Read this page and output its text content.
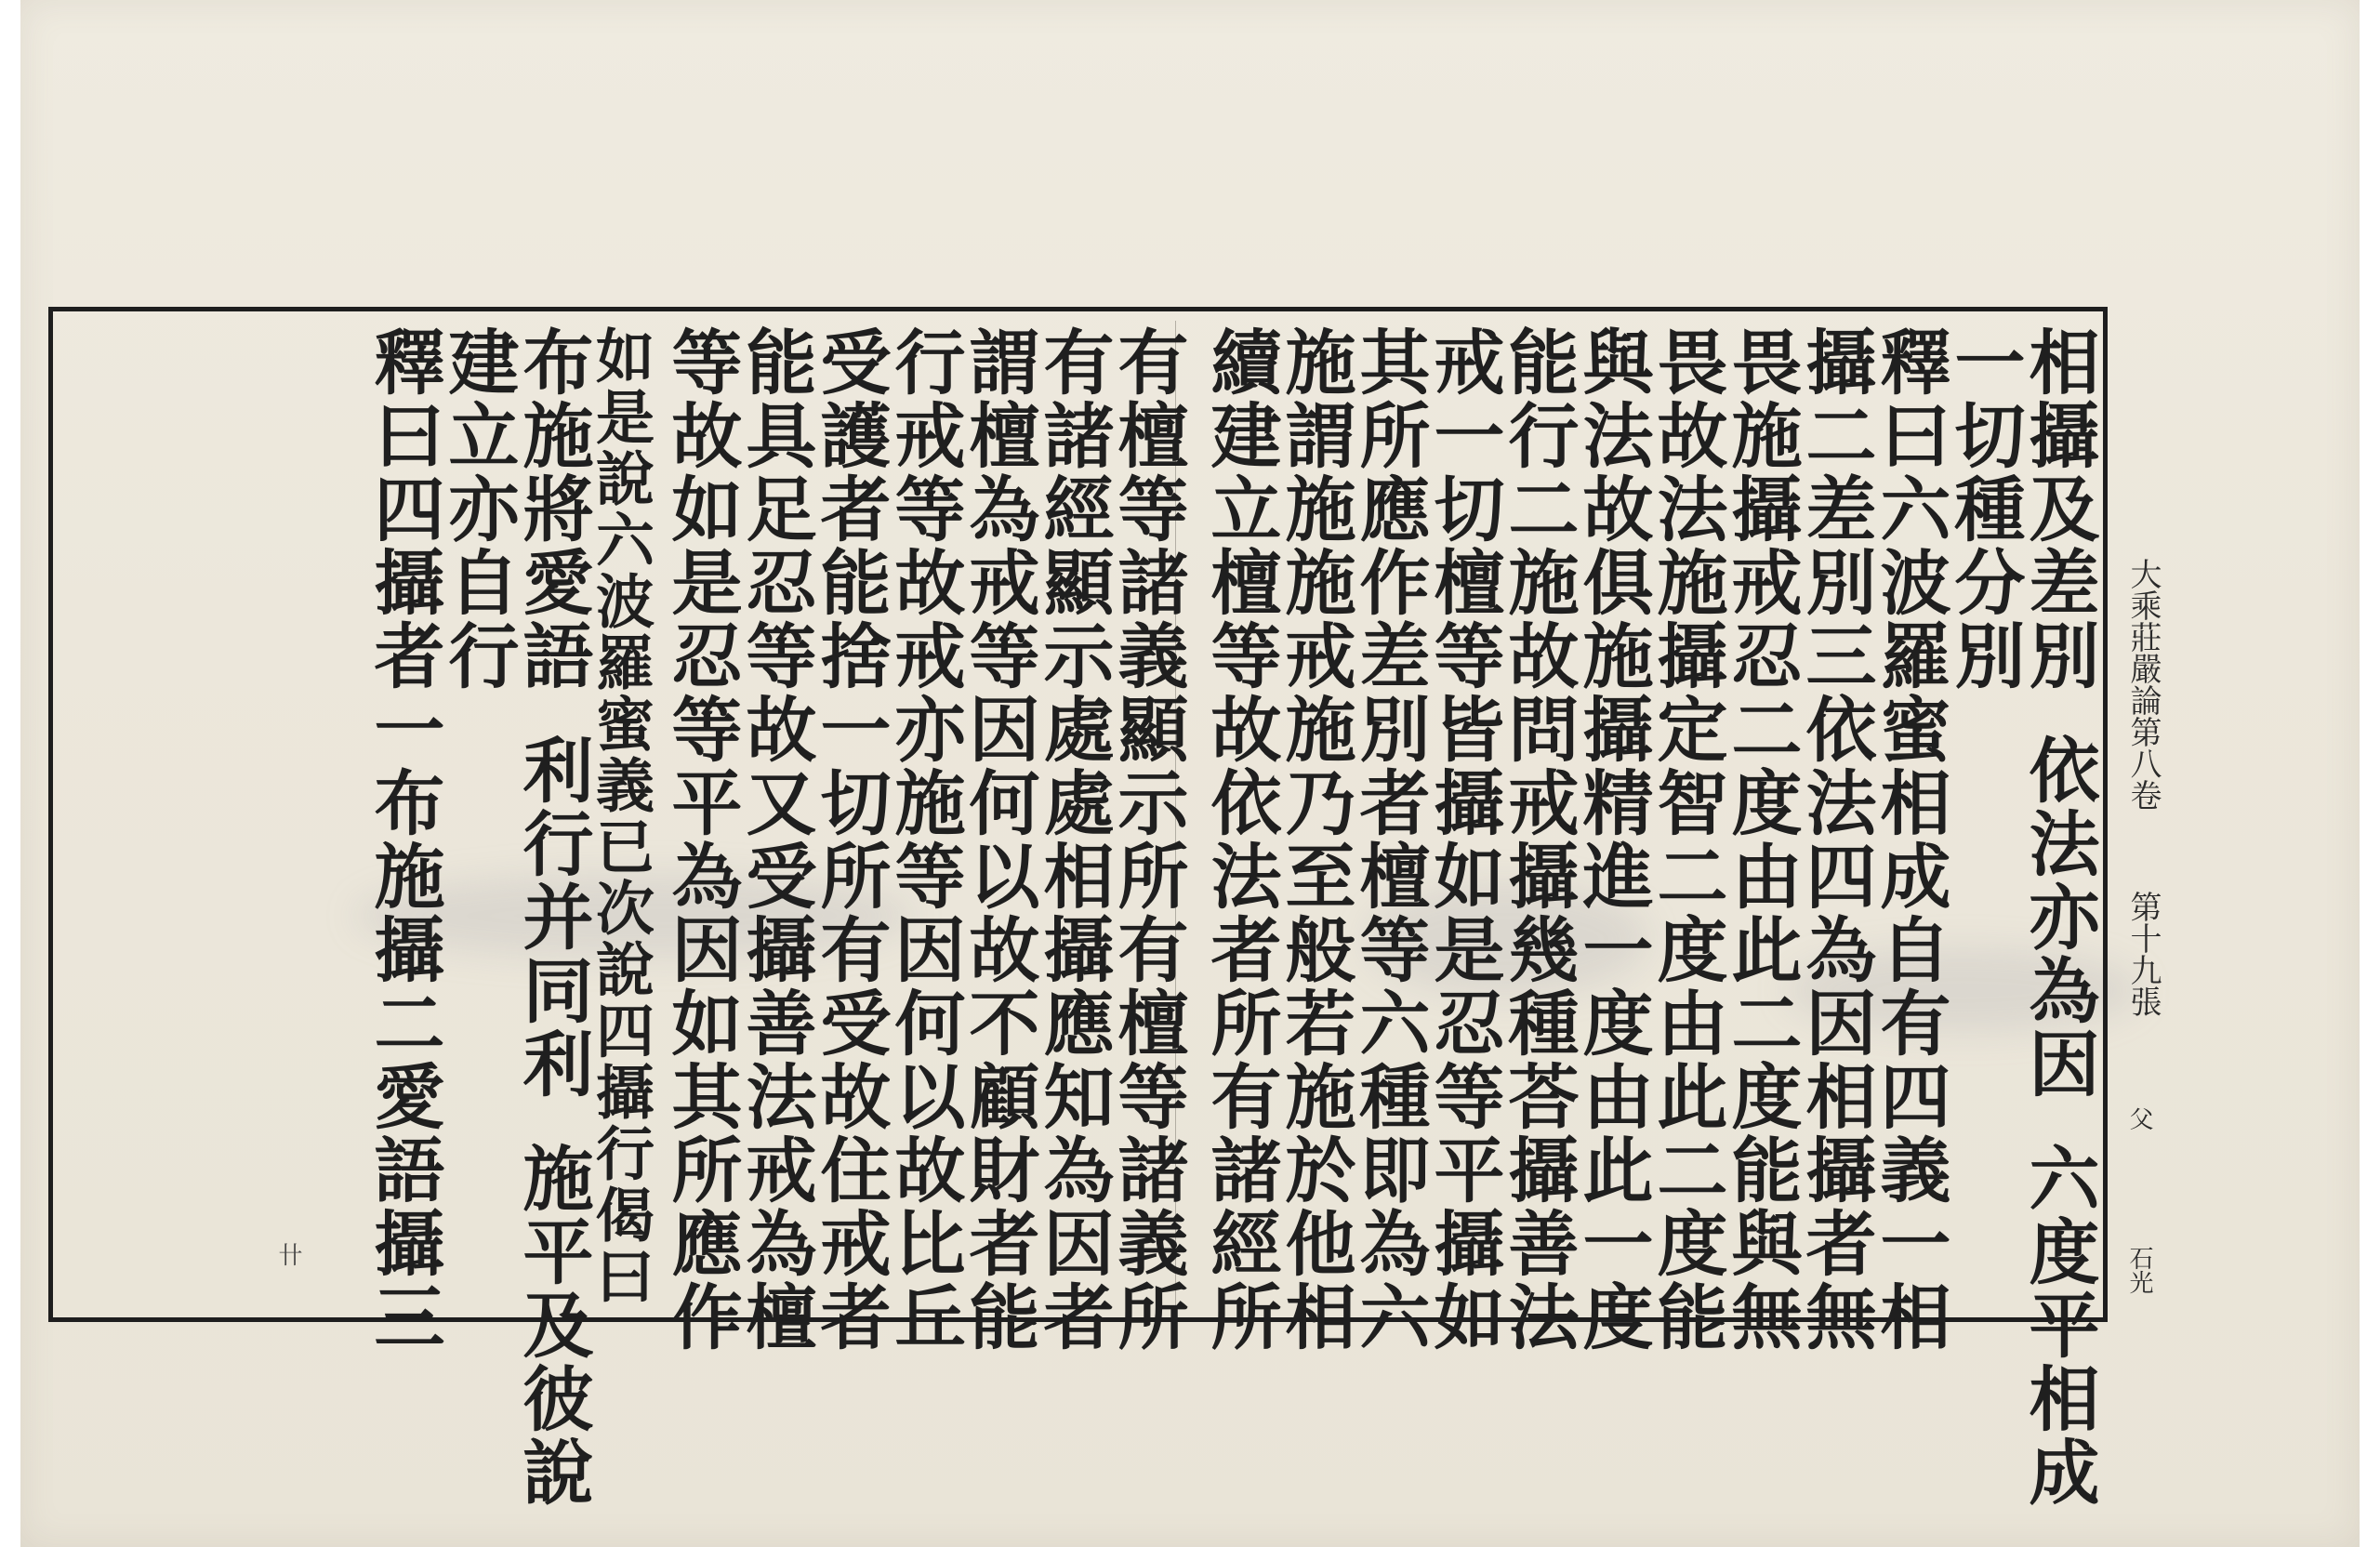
大乘莊嚴論第八卷
第十九張
父
石光
卄
相攝及差別依法亦為因六度平相成
一切種分別
釋曰六波羅蜜相成自有四義一相
攝二差別三依法四為因相攝者無
畏施攝戒忍二度由此二度能與無
畏故法施攝定智二度由此二度能
與法故俱施攝精進一度由此一度
能行二施故問戒攝幾種荅攝善法
戒一切檀等皆攝如是忍等平攝如
其所應作差別者檀等六種即為六
施謂施施戒施乃至般若施於他相
續建立檀等故依法者所有諸經所
有檀等諸義顯示所有檀等諸義所
有諸經顯示處處相攝應知為因者
謂檀為戒等因何以故不顧財者能
行戒等故戒亦施等因何以故比丘
受護者能捨一切所有受故住戒者
能具足忍等故又受攝善法戒為檀
等故如是忍等平為因如其所應作
如是說六波羅蜜義已次說四攝行偈曰
布施將愛語利行并同利施平及彼說
建立亦自行
釋曰四攝者一布施攝二愛語攝三
